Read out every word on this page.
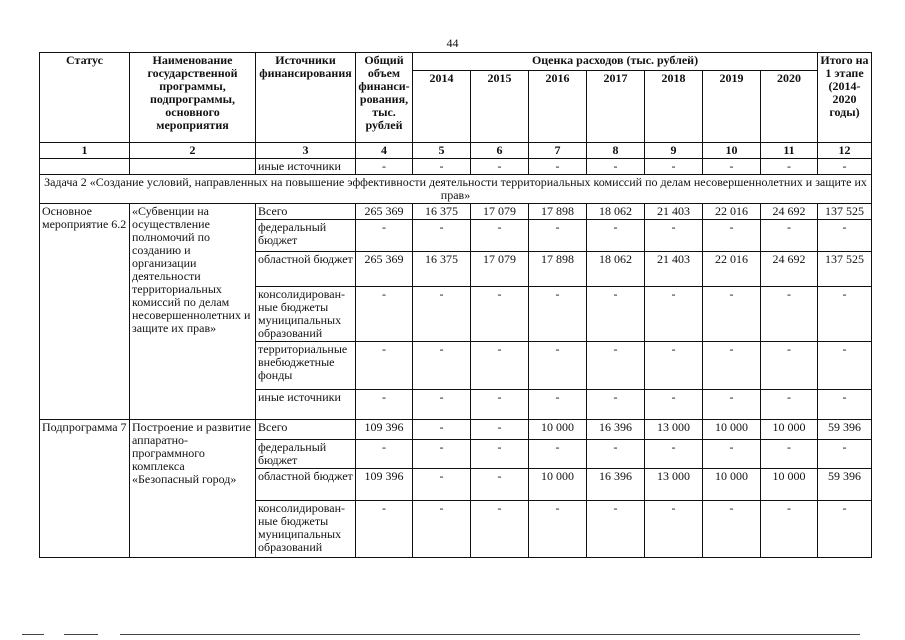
44
Статус	Наименование государственной программы, подпрограммы, основного мероприятия	Источники финансирования	Общий объем финанси-рования, тыс. рублей	Оценка расходов (тыс. рублей)							Итого на 1 этапе (2014-2020 годы)
				2014	2015	2016	2017	2018	2019	2020	
1	2	3	4	5	6	7	8	9	10	11	12
		иные источники	-	-	-	-	-	-	-	-	-
Задача 2 «Создание условий, направленных на повышение эффективности деятельности территориальных комиссий по делам несовершеннолетних и защите их прав»											
Основное мероприятие 6.2	«Субвенции на осуществление полномочий по созданию и организации деятельности территориальных комиссий по делам несовершеннолетних и защите их прав»	Всего	265 369	16 375	17 079	17 898	18 062	21 403	22 016	24 692	137 525
		федеральный бюджет	-	-	-	-	-	-	-	-	-
		областной бюджет	265 369	16 375	17 079	17 898	18 062	21 403	22 016	24 692	137 525
		консолидирован-ные бюджеты муниципальных образований	-	-	-	-	-	-	-	-	-
		территориальные внебюджетные фонды	-	-	-	-	-	-	-	-	-
		иные источники	-	-	-	-	-	-	-	-	-
Подпрограмма 7	Построение и развитие аппаратно-программного комплекса «Безопасный город»	Всего	109 396	-	-	10 000	16 396	13 000	10 000	10 000	59 396
		федеральный бюджет	-	-	-	-	-	-	-	-	-
		областной бюджет	109 396	-	-	10 000	16 396	13 000	10 000	10 000	59 396
		консолидирован-ные бюджеты муниципальных образований	-	-	-	-	-	-	-	-	-
